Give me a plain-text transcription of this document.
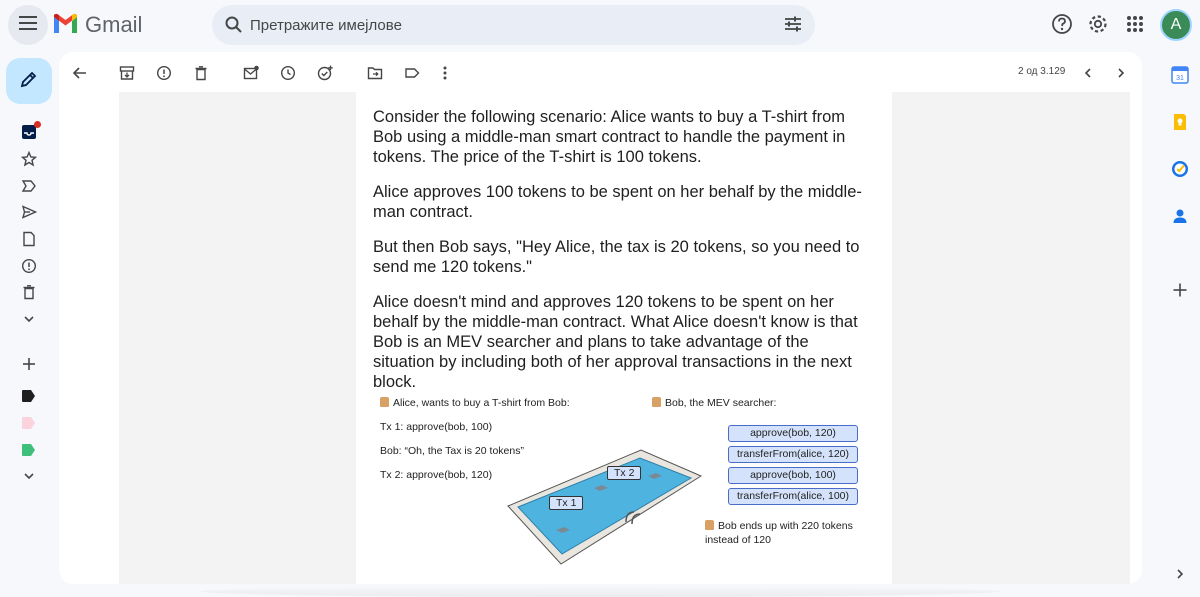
Gmail
Претражите имејлове	A
2 од 3.129

Consider the following scenario: Alice wants to buy a T-shirt from Bob using a middle-man smart contract to handle the payment in tokens. The price of the T-shirt is 100 tokens.

Alice approves 100 tokens to be spent on her behalf by the middle-man contract.

But then Bob says, "Hey Alice, the tax is 20 tokens, so you need to send me 120 tokens."

Alice doesn't mind and approves 120 tokens to be spent on her behalf by the middle-man contract. What Alice doesn't know is that Bob is an MEV searcher and plans to take advantage of the situation by including both of her approval transactions in the next block.

Alice, wants to buy a T-shirt from Bob:
Tx 1: approve(bob, 100)
Bob: “Oh, the Tax is 20 tokens”
Tx 2: approve(bob, 120)	Tx 2
Tx 1
Bob, the MEV searcher:
approve(bob, 120)
transferFrom(alice, 120)
approve(bob, 100)
transferFrom(alice, 100)
Bob ends up with 220 tokens
instead of 120
31
